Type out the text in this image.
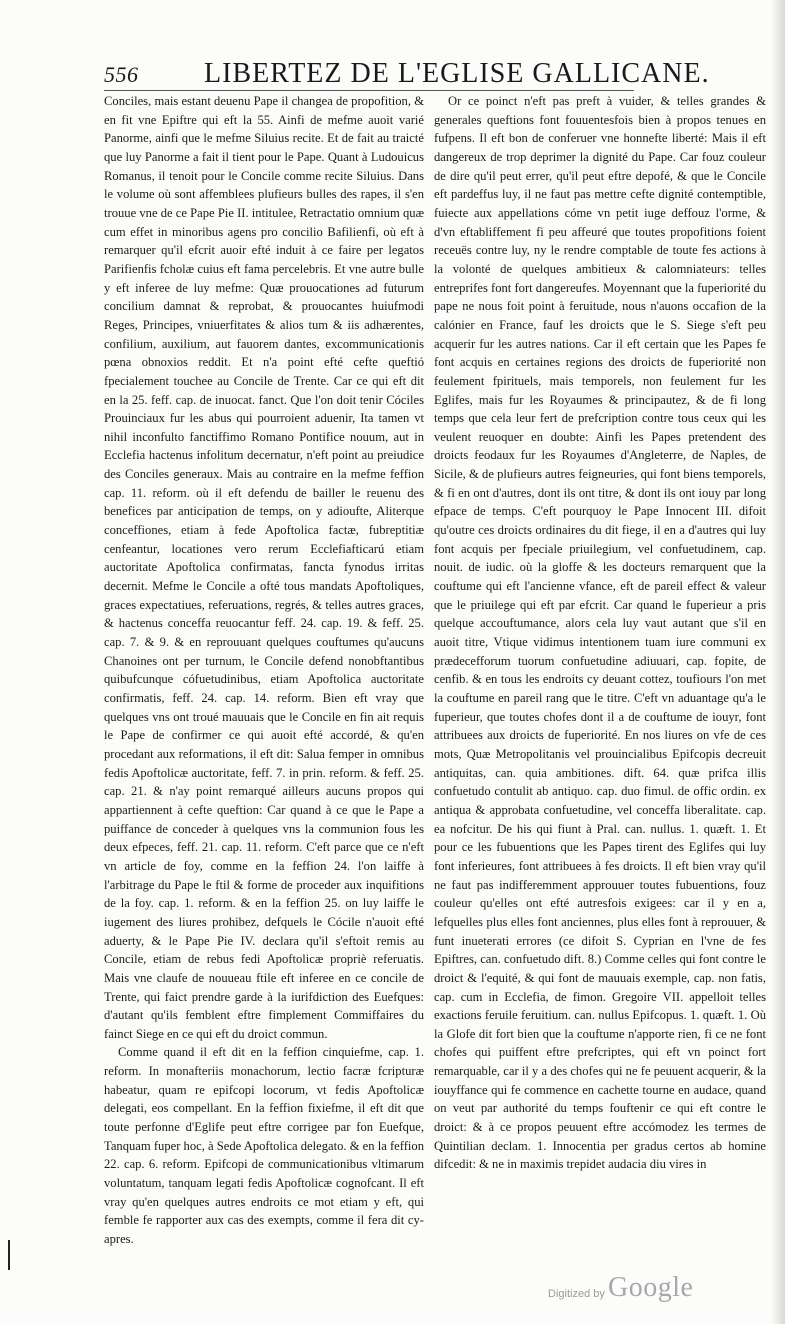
556 LIBERTEZ DE L'EGLISE GALLICANE.

Conciles, mais estant deuenu Pape il changea de propofition, & en fit vne Epiftre qui eft la 55. Ainfi de mefme auoit varié Panorme, ainfi que le mefme Siluius recite. Et de fait au traicté que luy Panorme a fait il tient pour le Pape. Quant à Ludouicus Romanus, il tenoit pour le Concile comme recite Siluius. Dans le volume où sont affemblees plufieurs bulles des rapes, il s'en trouue vne de ce Pape Pie II. intitulee, Retractatio omnium quæ cum effet in minoribus agens pro concilio Bafilienfi, où eft à remarquer qu'il efcrit auoir efté induit à ce faire per legatos Parifienfis fcholæ cuius eft fama percelebris. Et vne autre bulle y eft inferee de luy mefme: Quæ prouocationes ad futurum concilium damnat & reprobat, & prouocantes huiufmodi Reges, Principes, vniuerfitates & alios tum & iis adhærentes, confilium, auxilium, aut fauorem dantes, excommunicationis pœna obnoxios reddit. Et n'a point efté cefte queftió fpecialement touchee au Concile de Trente. Car ce qui eft dit en la 25. feff. cap. de inuocat. fanct. Que l'on doit tenir Cóciles Prouinciaux fur les abus qui pourroient aduenir, Ita tamen vt nihil inconfulto fanctiffimo Romano Pontifice nouum, aut in Ecclefia hactenus infolitum decernatur, n'eft point au preiudice des Conciles generaux. Mais au contraire en la mefme feffion cap. 11. reform. où il eft defendu de bailler le reuenu des benefices par anticipation de temps, on y adioufte, Aliterque conceffiones, etiam à fede Apoftolica factæ, fubreptitiæ cenfeantur, locationes vero rerum Ecclefiafticarú etiam auctoritate Apoftolica confirmatas, fancta fynodus irritas decernit. Mefme le Concile a ofté tous mandats Apoftoliques, graces expectatiues, referuations, regrés, & telles autres graces, & hactenus conceffa reuocantur feff. 24. cap. 19. & feff. 25. cap. 7. & 9. & en reprouuant quelques couftumes qu'aucuns Chanoines ont per turnum, le Concile defend nonobftantibus quibufcunque cófuetudinibus, etiam Apoftolica auctoritate confirmatis, feff. 24. cap. 14. reform. Bien eft vray que quelques vns ont troué mauuais que le Concile en fin ait requis le Pape de confirmer ce qui auoit efté accordé, & qu'en procedant aux reformations, il eft dit: Salua femper in omnibus fedis Apoftolicæ auctoritate, feff. 7. in prin. reform. & feff. 25. cap. 21. & n'ay point remarqué ailleurs aucuns propos qui appartiennent à cefte queftion: Car quand à ce que le Pape a puiffance de conceder à quelques vns la communion fous les deux efpeces, feff. 21. cap. 11. reform. C'eft parce que ce n'eft vn article de foy, comme en la feffion 24. l'on laiffe à l'arbitrage du Pape le ftil & forme de proceder aux inquifitions de la foy. cap. 1. reform. & en la feffion 25. on luy laiffe le iugement des liures prohibez, defquels le Cócile n'auoit efté aduerty, & le Pape Pie IV. declara qu'il s'eftoit remis au Concile, etiam de rebus fedi Apoftolicæ propriè referuatis. Mais vne claufe de nouueau ftile eft inferee en ce concile de Trente, qui faict prendre garde à la iurifdiction des Euefques: d'autant qu'ils femblent eftre fimplement Commiffaires du fainct Siege en ce qui eft du droict commun.

Comme quand il eft dit en la feffion cinquiefme, cap. 1. reform. In monafteriis monachorum, lectio facræ fcripturæ habeatur, quam re epifcopi locorum, vt fedis Apoftolicæ delegati, eos compellant. En la feffion fixiefme, il eft dit que toute perfonne d'Eglife peut eftre corrigee par fon Euefque, Tanquam fuper hoc, à Sede Apoftolica delegato. & en la feffion 22. cap. 6. reform. Epifcopi de communicationibus vltimarum voluntatum, tanquam legati fedis Apoftolicæ cognofcant. Il eft vray qu'en quelques autres endroits ce mot etiam y eft, qui femble fe rapporter aux cas des exempts, comme il fera dit cy-apres.

Or ce poinct n'eft pas preft à vuider, & telles grandes & generales queftions font fouuentesfois bien à propos tenues en fufpens. Il eft bon de conferuer vne honnefte liberté: Mais il eft dangereux de trop deprimer la dignité du Pape. Car fouz couleur de dire qu'il peut errer, qu'il peut eftre depofé, & que le Concile eft pardeffus luy, il ne faut pas mettre cefte dignité contemptible, fuiecte aux appellations cóme vn petit iuge deffouz l'orme, & d'vn eftabliffement fi peu affeuré que toutes propofitions foient receuës contre luy, ny le rendre comptable de toute fes actions à la volonté de quelques ambitieux & calomniateurs: telles entreprifes font fort dangereufes. Moyennant que la fuperiorité du pape ne nous foit point à feruitude, nous n'auons occafion de la calónier en France, fauf les droicts que le S. Siege s'eft peu acquerir fur les autres nations. Car il eft certain que les Papes fe font acquis en certaines regions des droicts de fuperiorité non feulement fpirituels, mais temporels, non feulement fur les Eglifes, mais fur les Royaumes & principautez, & de fi long temps que cela leur fert de prefcription contre tous ceux qui les veulent reuoquer en doubte: Ainfi les Papes pretendent des droicts feodaux fur les Royaumes d'Angleterre, de Naples, de Sicile, & de plufieurs autres feigneuries, qui font biens temporels, & fi en ont d'autres, dont ils ont titre, & dont ils ont iouy par long efpace de temps. C'eft pourquoy le Pape Innocent III. difoit qu'outre ces droicts ordinaires du dit fiege, il en a d'autres qui luy font acquis per fpeciale priuilegium, vel confuetudinem, cap. nouit. de iudic. où la gloffe & les docteurs remarquent que la couftume qui eft l'ancienne vfance, eft de pareil effect & valeur que le priuilege qui eft par efcrit. Car quand le fuperieur a pris quelque accouftumance, alors cela luy vaut autant que s'il en auoit titre, Vtique vidimus intentionem tuam iure communi ex prædecefforum tuorum confuetudine adiuuari, cap. fopite, de cenfib. & en tous les endroits cy deuant cottez, toufiours l'on met la couftume en pareil rang que le titre. C'eft vn aduantage qu'a le fuperieur, que toutes chofes dont il a de couftume de iouyr, font attribuees aux droicts de fuperiorité. En nos liures on vfe de ces mots, Quæ Metropolitanis vel prouincialibus Epifcopis decreuit antiquitas, can. quia ambitiones. dift. 64. quæ prifca illis confuetudo contulit ab antiquo. cap. duo fimul. de offic ordin. ex antiqua & approbata confuetudine, vel conceffa liberalitate. cap. ea nofcitur. De his qui fiunt à Pral. can. nullus. 1. quæft. 1. Et pour ce les fubuentions que les Papes tirent des Eglifes qui luy font inferieures, font attribuees à fes droicts. Il eft bien vray qu'il ne faut pas indifferemment approuuer toutes fubuentions, fouz couleur qu'elles ont efté autresfois exigees: car il y en a, lefquelles plus elles font anciennes, plus elles font à reprouuer, & funt inueterati errores (ce difoit S. Cyprian en l'vne de fes Epiftres, can. confuetudo dift. 8.) Comme celles qui font contre le droict & l'equité, & qui font de mauuais exemple, cap. non fatis, cap. cum in Ecclefia, de fimon. Gregoire VII. appelloit telles exactions feruile feruitium. can. nullus Epifcopus. 1. quæft. 1. Où la Glofe dit fort bien que la couftume n'apporte rien, fi ce ne font chofes qui puiffent eftre prefcriptes, qui eft vn poinct fort remarquable, car il y a des chofes qui ne fe peuuent acquerir, & la iouyffance qui fe commence en cachette tourne en audace, quand on veut par authorité du temps fouftenir ce qui eft contre le droict: & à ce propos peuuent eftre accómodez les termes de Quintilian declam. 1. Innocentia per gradus certos ab homine difcedit: & ne in maximis trepidet audacia diu vires in

Digitized by Google
